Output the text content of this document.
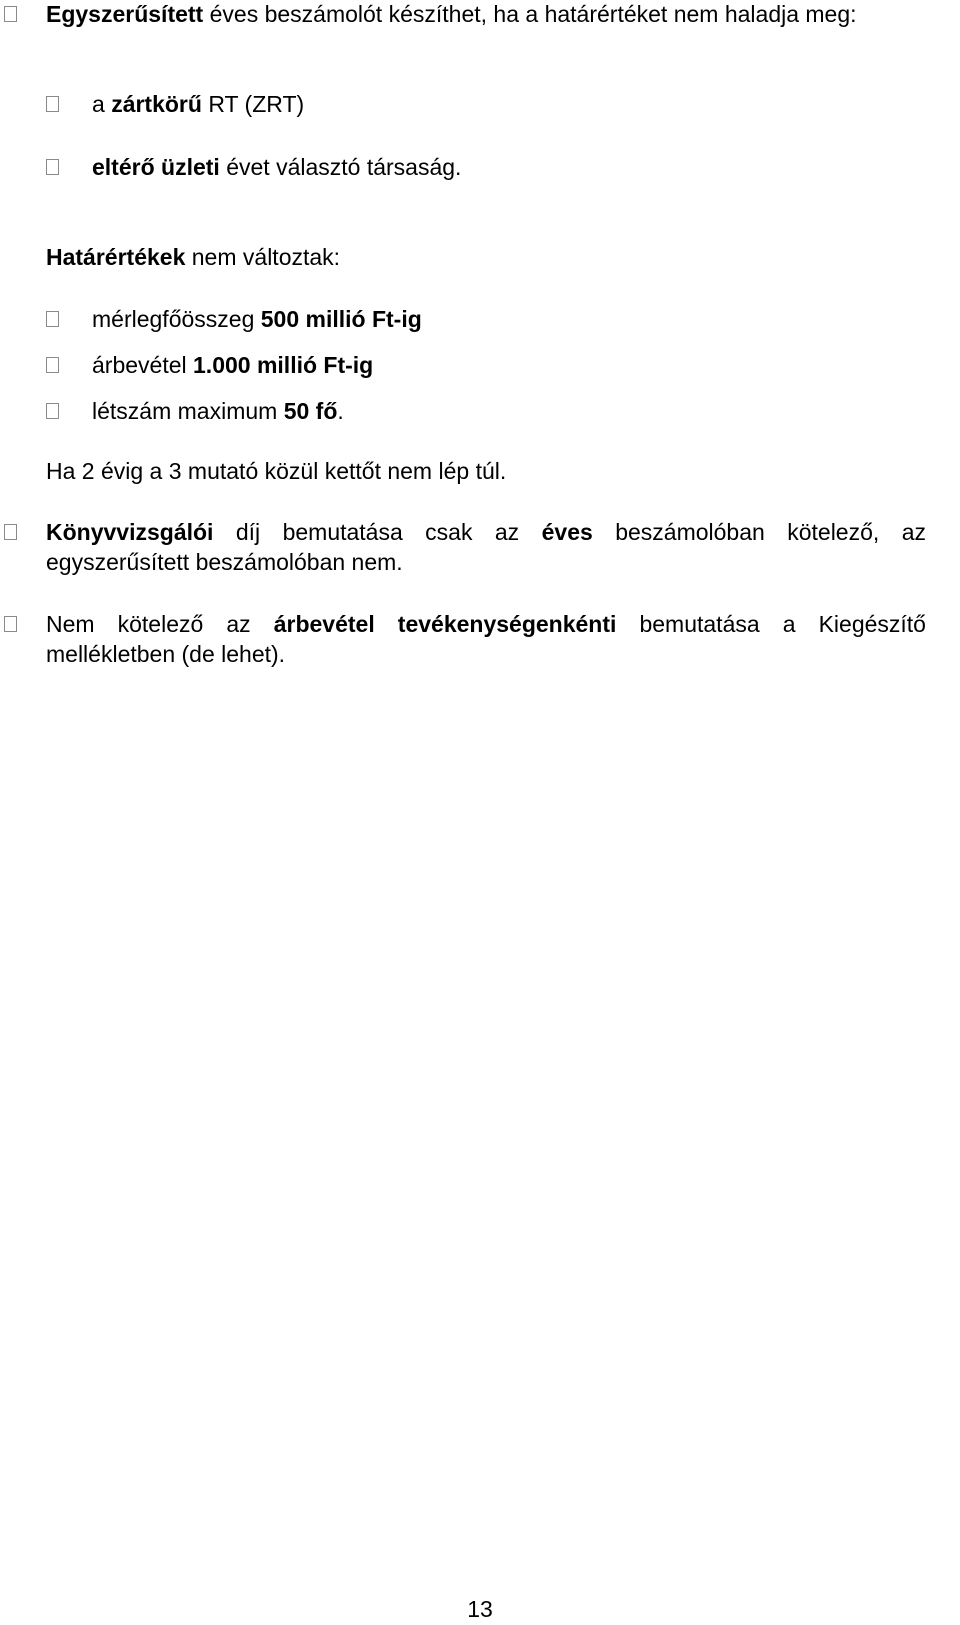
Egyszerűsített éves beszámolót készíthet, ha a határértéket nem haladja meg:
a zártkörű RT (ZRT)
eltérő üzleti évet választó társaság.
Határértékek nem változtak:
mérlegfőösszeg 500 millió Ft-ig
árbevétel 1.000 millió Ft-ig
létszám maximum 50 fő.
Ha 2 évig a 3 mutató közül kettőt nem lép túl.
Könyvvizsgálói díj bemutatása csak az éves beszámolóban kötelező, az egyszerűsített beszámolóban nem.
Nem kötelező az árbevétel tevékenységenkénti bemutatása a Kiegészítő mellékletben (de lehet).
13
